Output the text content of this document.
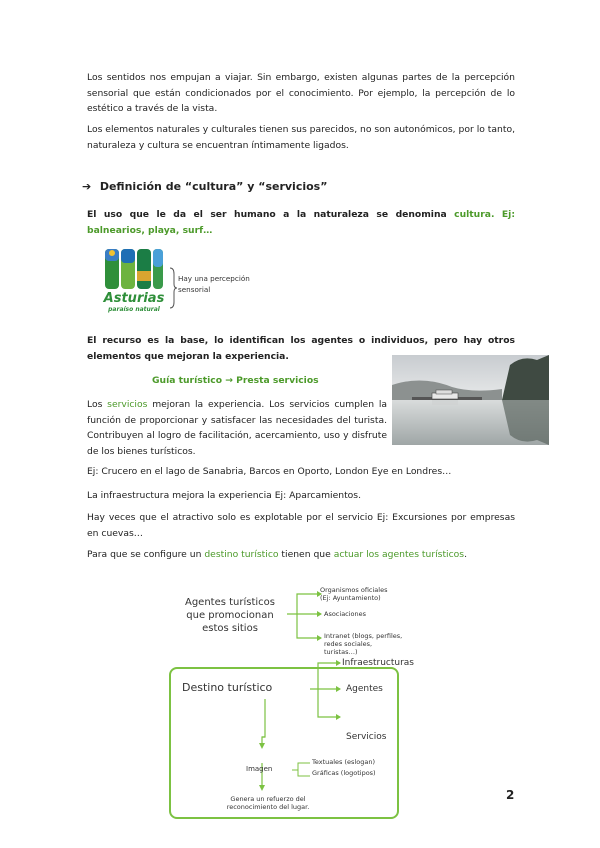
Los sentidos nos empujan a viajar. Sin embargo, existen algunas partes de la percepción sensorial que están condicionados por el conocimiento. Por ejemplo, la percepción de lo estético a través de la vista.

Los elementos naturales y culturales tienen sus parecidos, no son autonómicos, por lo tanto, naturaleza y cultura se encuentran íntimamente ligados.

➔ Definición de “cultura” y “servicios”

El uso que le da el ser humano a la naturaleza se denomina cultura. Ej: balnearios, playa, surf…

Asturias
paraíso natural
Hay una percepción
sensorial

El recurso es la base, lo identifican los agentes o individuos, pero hay otros elementos que mejoran la experiencia.

Guía turístico → Presta servicios

Los servicios mejoran la experiencia. Los servicios cumplen la función de proporcionar y satisfacer las necesidades del turista. Contribuyen al logro de facilitación, acercamiento, uso y disfrute de los bienes turísticos.

Ej: Crucero en el lago de Sanabria, Barcos en Oporto, London Eye en Londres…

La infraestructura mejora la experiencia Ej: Aparcamientos.

Hay veces que el atractivo solo es explotable por el servicio Ej: Excursiones por empresas en cuevas…

Para que se configure un destino turístico tienen que actuar los agentes turísticos.

Agentes turísticos
que promocionan
estos sitios
Organismos oficiales
(Ej: Ayuntamiento)
Asociaciones
Intranet (blogs, perfiles,
redes sociales,
turistas…)
Destino turístico
Infraestructuras
Agentes
Servicios
Imagen
Textuales (eslogan)
Gráficas (logotipos)
Genera un refuerzo del
reconocimiento del lugar.
2
